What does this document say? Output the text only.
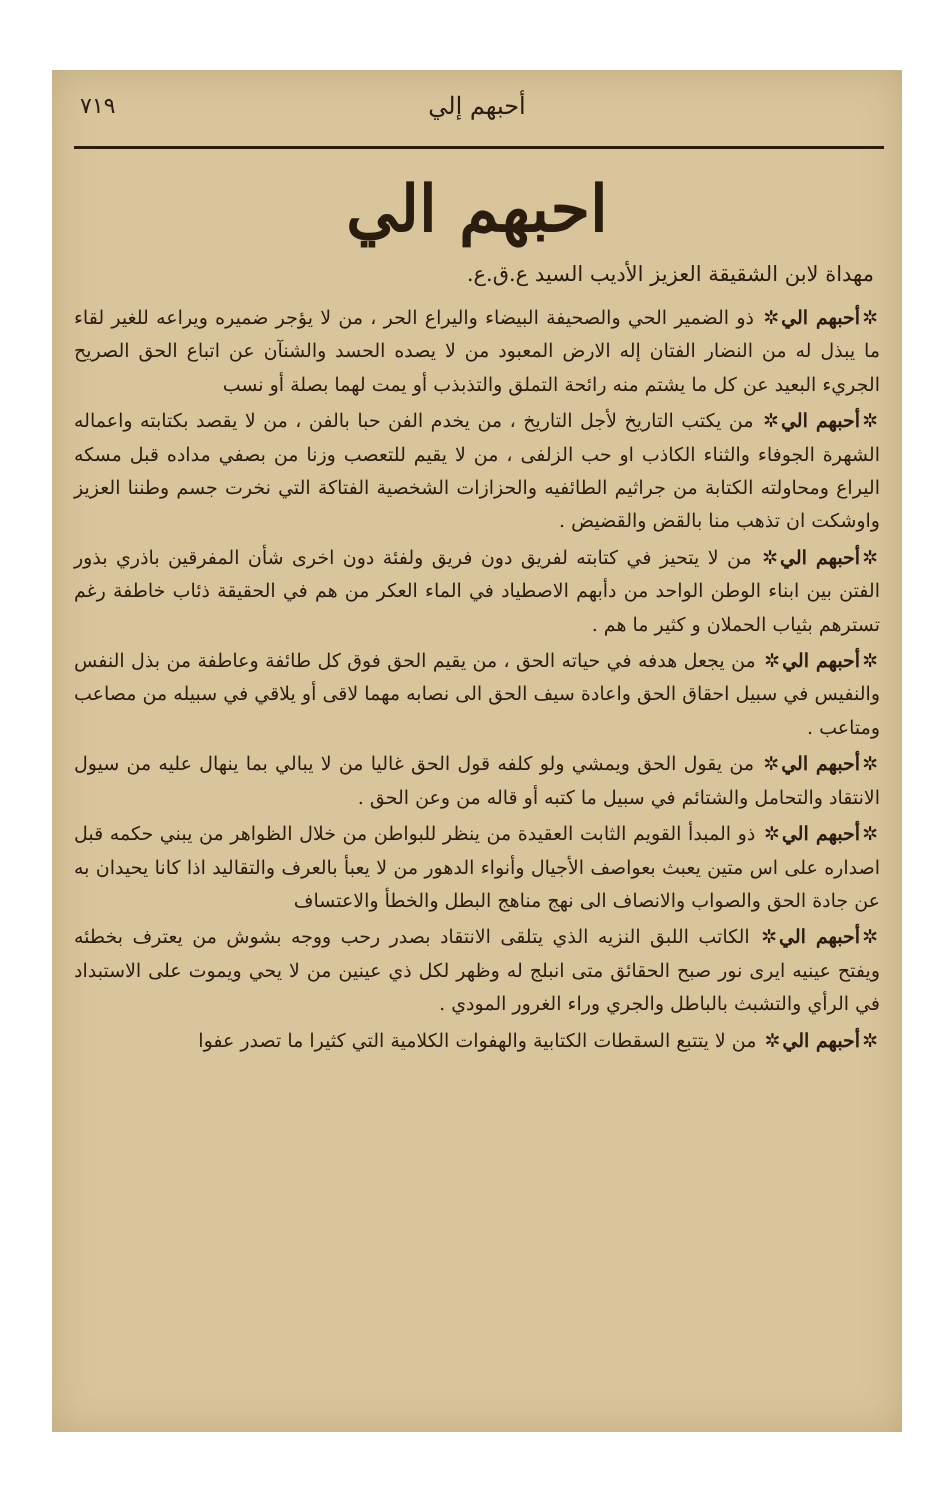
٧١٩	أحبهم إلي
احبهم الي
مهداة لابن الشقيقة العزيز الأديب السيد ع.ق.ع.

✲أحبهم الي✲ ذو الضمير الحي والصحيفة البيضاء واليراع الحر ، من لا يؤجر ضميره ويراعه للغير لقاء ما يبذل له من النضار الفتان إله الارض المعبود من لا يصده الحسد والشنآن عن اتباع الحق الصريح الجريء البعيد عن كل ما يشتم منه رائحة التملق والتذبذب أو يمت لهما بصلة أو نسب

✲أحبهم الي✲ من يكتب التاريخ لأجل التاريخ ، من يخدم الفن حبا بالفن ، من لا يقصد بكتابته واعماله الشهرة الجوفاء والثناء الكاذب او حب الزلفى ، من لا يقيم للتعصب وزنا من بصفي مداده قبل مسكه اليراع ومحاولته الكتابة من جراثيم الطائفيه والحزازات الشخصية الفتاكة التي نخرت جسم وطننا العزيز واوشكت ان تذهب منا بالقض والقضيض .

✲أحبهم الي✲ من لا يتحيز في كتابته لفريق دون فريق ولفئة دون اخرى شأن المفرقين باذري بذور الفتن بين ابناء الوطن الواحد من دأبهم الاصطياد في الماء العكر من هم في الحقيقة ذئاب خاطفة رغم تسترهم بثياب الحملان و كثير ما هم .

✲أحبهم الي✲ من يجعل هدفه في حياته الحق ، من يقيم الحق فوق كل طائفة وعاطفة من بذل النفس والنفيس في سبيل احقاق الحق واعادة سيف الحق الى نصابه مهما لاقى أو يلاقي في سبيله من مصاعب ومتاعب .

✲أحبهم الي✲ من يقول الحق ويمشي ولو كلفه قول الحق غاليا من لا يبالي بما ينهال عليه من سيول الانتقاد والتحامل والشتائم في سبيل ما كتبه أو قاله من وعن الحق .

✲أحبهم الي✲ ذو المبدأ القويم الثابت العقيدة من ينظر للبواطن من خلال الظواهر من يبني حكمه قبل اصداره على اس متين يعبث بعواصف الأجيال وأنواء الدهور من لا يعبأ بالعرف والتقاليد اذا كانا يحيدان به عن جادة الحق والصواب والانصاف الى نهج مناهج البطل والخطأ والاعتساف

✲أحبهم الي✲ الكاتب اللبق النزيه الذي يتلقى الانتقاد بصدر رحب ووجه بشوش من يعترف بخطئه ويفتح عينيه ايرى نور صبح الحقائق متى انبلج له وظهر لكل ذي عينين من لا يحي ويموت على الاستبداد في الرأي والتشبث بالباطل والجري وراء الغرور المودي .

✲أحبهم الي✲ من لا يتتبع السقطات الكتابية والهفوات الكلامية التي كثيرا ما تصدر عفوا
